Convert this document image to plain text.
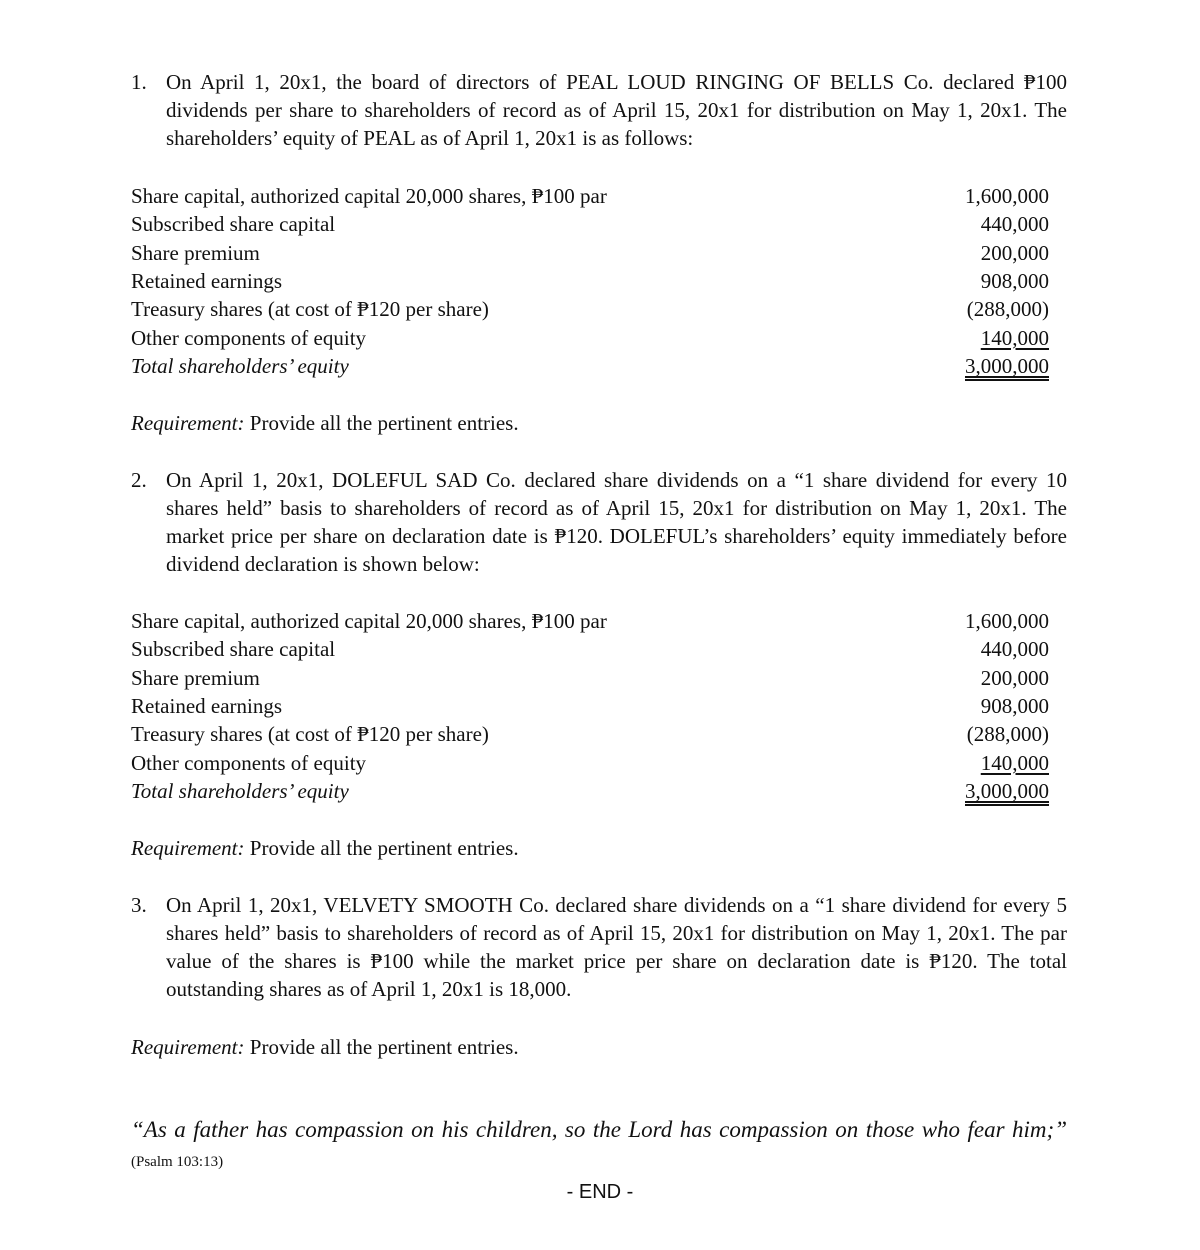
1. On April 1, 20x1, the board of directors of PEAL LOUD RINGING OF BELLS Co. declared ₱100 dividends per share to shareholders of record as of April 15, 20x1 for distribution on May 1, 20x1. The shareholders’ equity of PEAL as of April 1, 20x1 is as follows:
Share capital, authorized capital 20,000 shares, ₱100 par	1,600,000
Subscribed share capital	440,000
Share premium	200,000
Retained earnings	908,000
Treasury shares (at cost of ₱120 per share)	(288,000)
Other components of equity	140,000
Total shareholders’ equity	3,000,000
Requirement: Provide all the pertinent entries.
2. On April 1, 20x1, DOLEFUL SAD Co. declared share dividends on a “1 share dividend for every 10 shares held” basis to shareholders of record as of April 15, 20x1 for distribution on May 1, 20x1. The market price per share on declaration date is ₱120. DOLEFUL’s shareholders’ equity immediately before dividend declaration is shown below:
Share capital, authorized capital 20,000 shares, ₱100 par	1,600,000
Subscribed share capital	440,000
Share premium	200,000
Retained earnings	908,000
Treasury shares (at cost of ₱120 per share)	(288,000)
Other components of equity	140,000
Total shareholders’ equity	3,000,000
Requirement: Provide all the pertinent entries.
3. On April 1, 20x1, VELVETY SMOOTH Co. declared share dividends on a “1 share dividend for every 5 shares held” basis to shareholders of record as of April 15, 20x1 for distribution on May 1, 20x1. The par value of the shares is ₱100 while the market price per share on declaration date is ₱120. The total outstanding shares as of April 1, 20x1 is 18,000.
Requirement: Provide all the pertinent entries.
“As a father has compassion on his children, so the Lord has compassion on those who fear him;” (Psalm 103:13)
- END -
